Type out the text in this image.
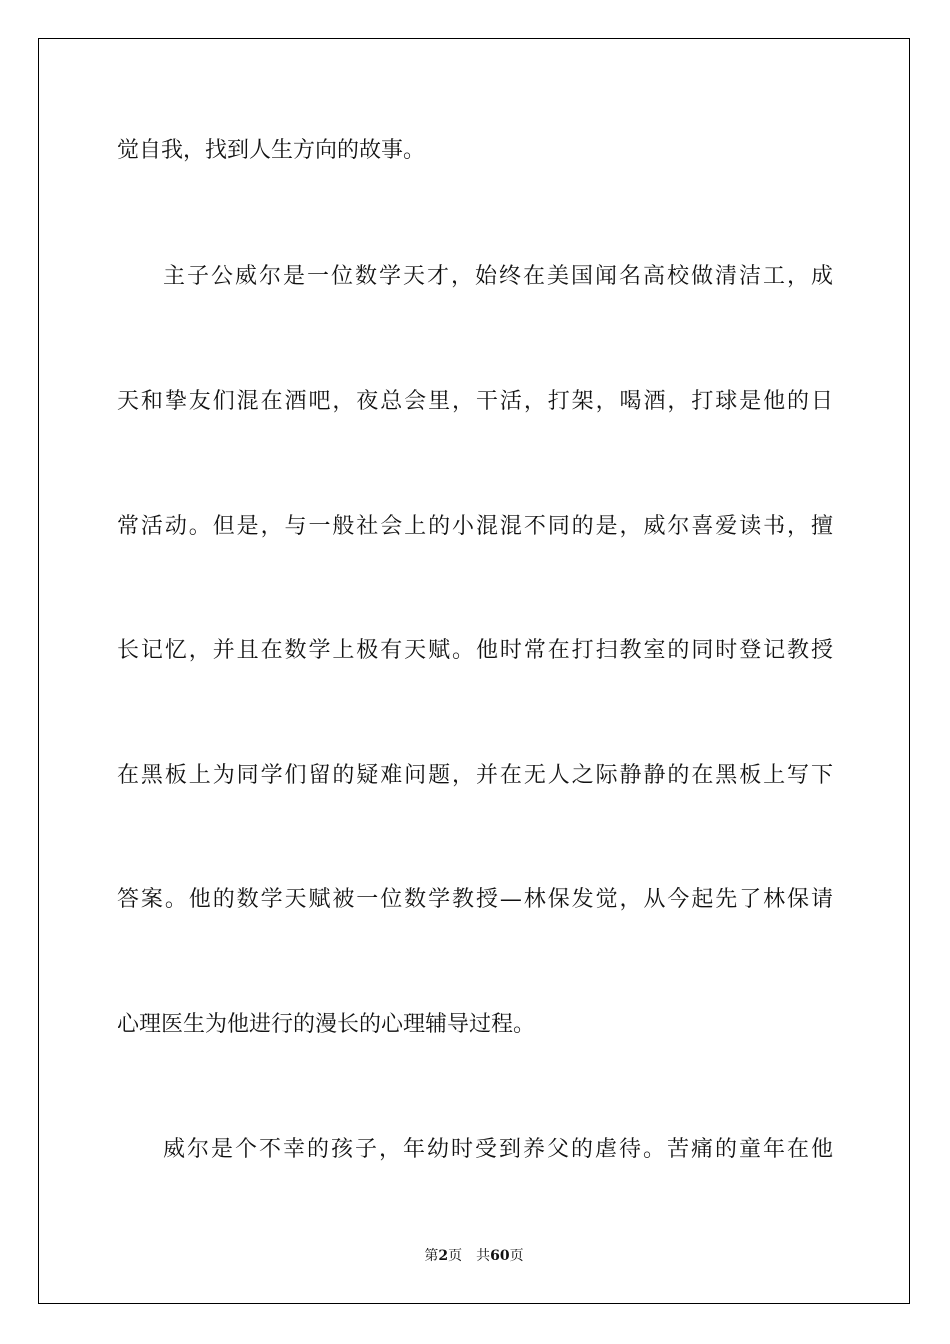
觉自我，找到人生方向的故事。
主子公威尔是一位数学天才，始终在美国闻名高校做清洁工，成
天和挚友们混在酒吧，夜总会里，干活，打架，喝酒，打球是他的日
常活动。但是，与一般社会上的小混混不同的是，威尔喜爱读书，擅
长记忆，并且在数学上极有天赋。他时常在打扫教室的同时登记教授
在黑板上为同学们留的疑难问题，并在无人之际静静的在黑板上写下
答案。他的数学天赋被一位数学教授—林保发觉，从今起先了林保请
心理医生为他进行的漫长的心理辅导过程。
威尔是个不幸的孩子，年幼时受到养父的虐待。苦痛的童年在他
第2页 共60页
